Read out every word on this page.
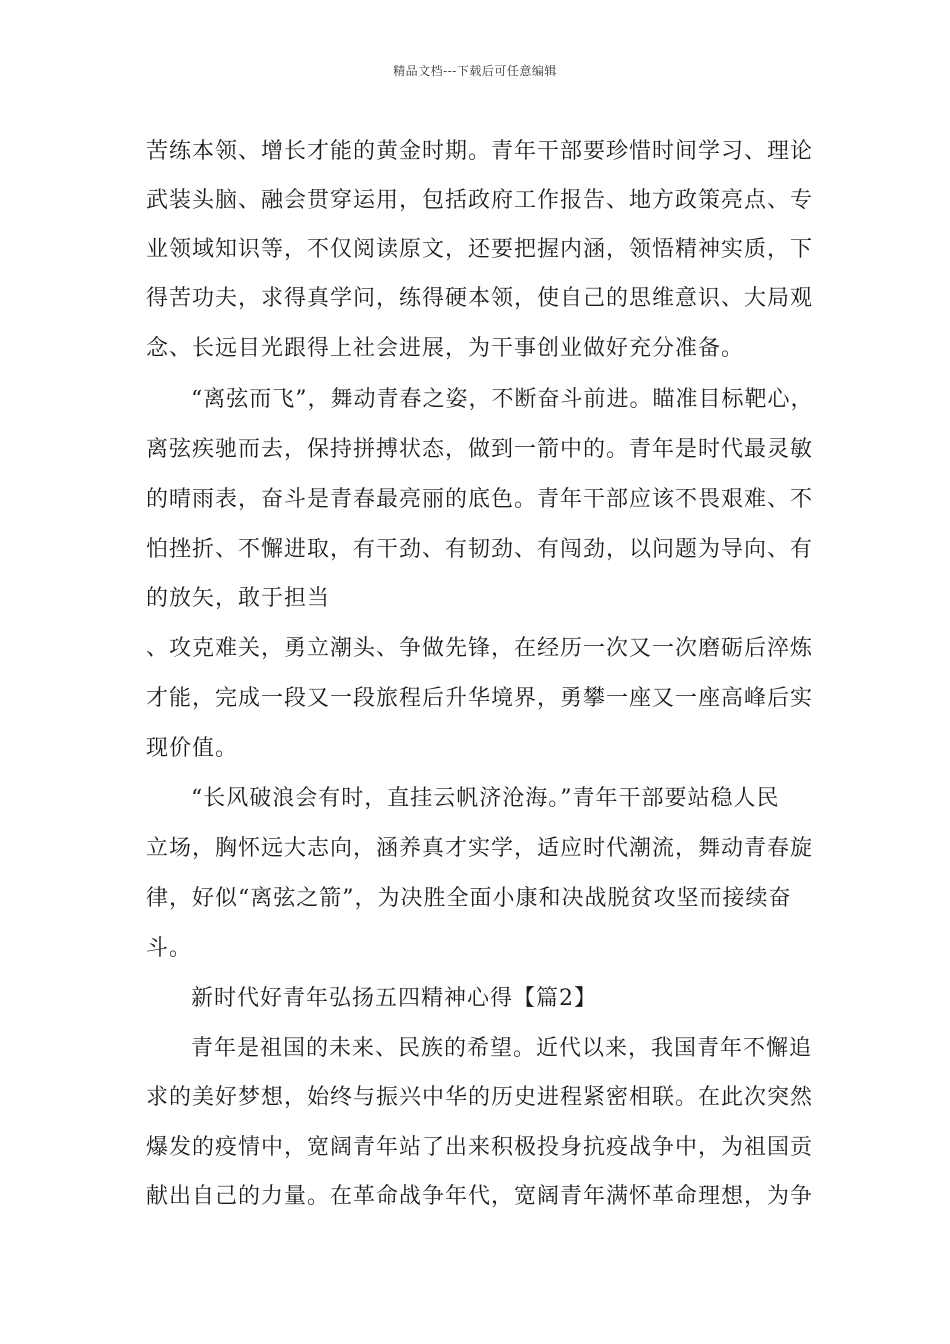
精品文档---下载后可任意编辑
苦练本领、增长才能的黄金时期。青年干部要珍惜时间学习、理论
武装头脑、融会贯穿运用，包括政府工作报告、地方政策亮点、专
业领域知识等，不仅阅读原文，还要把握内涵，领悟精神实质，下
得苦功夫，求得真学问，练得硬本领，使自己的思维意识、大局观
念、长远目光跟得上社会进展，为干事创业做好充分准备。
“离弦而飞”，舞动青春之姿，不断奋斗前进。瞄准目标靶心，
离弦疾驰而去，保持拼搏状态，做到一箭中的。青年是时代最灵敏
的晴雨表，奋斗是青春最亮丽的底色。青年干部应该不畏艰难、不
怕挫折、不懈进取，有干劲、有韧劲、有闯劲，以问题为导向、有
的放矢，敢于担当
、攻克难关，勇立潮头、争做先锋，在经历一次又一次磨砺后淬炼
才能，完成一段又一段旅程后升华境界，勇攀一座又一座高峰后实
现价值。
“长风破浪会有时，直挂云帆济沧海。”青年干部要站稳人民
立场，胸怀远大志向，涵养真才实学，适应时代潮流，舞动青春旋
律，好似“离弦之箭”，为决胜全面小康和决战脱贫攻坚而接续奋
斗。
新时代好青年弘扬五四精神心得【篇2】
青年是祖国的未来、民族的希望。近代以来，我国青年不懈追
求的美好梦想，始终与振兴中华的历史进程紧密相联。在此次突然
爆发的疫情中，宽阔青年站了出来积极投身抗疫战争中，为祖国贡
献出自己的力量。在革命战争年代，宽阔青年满怀革命理想，为争
